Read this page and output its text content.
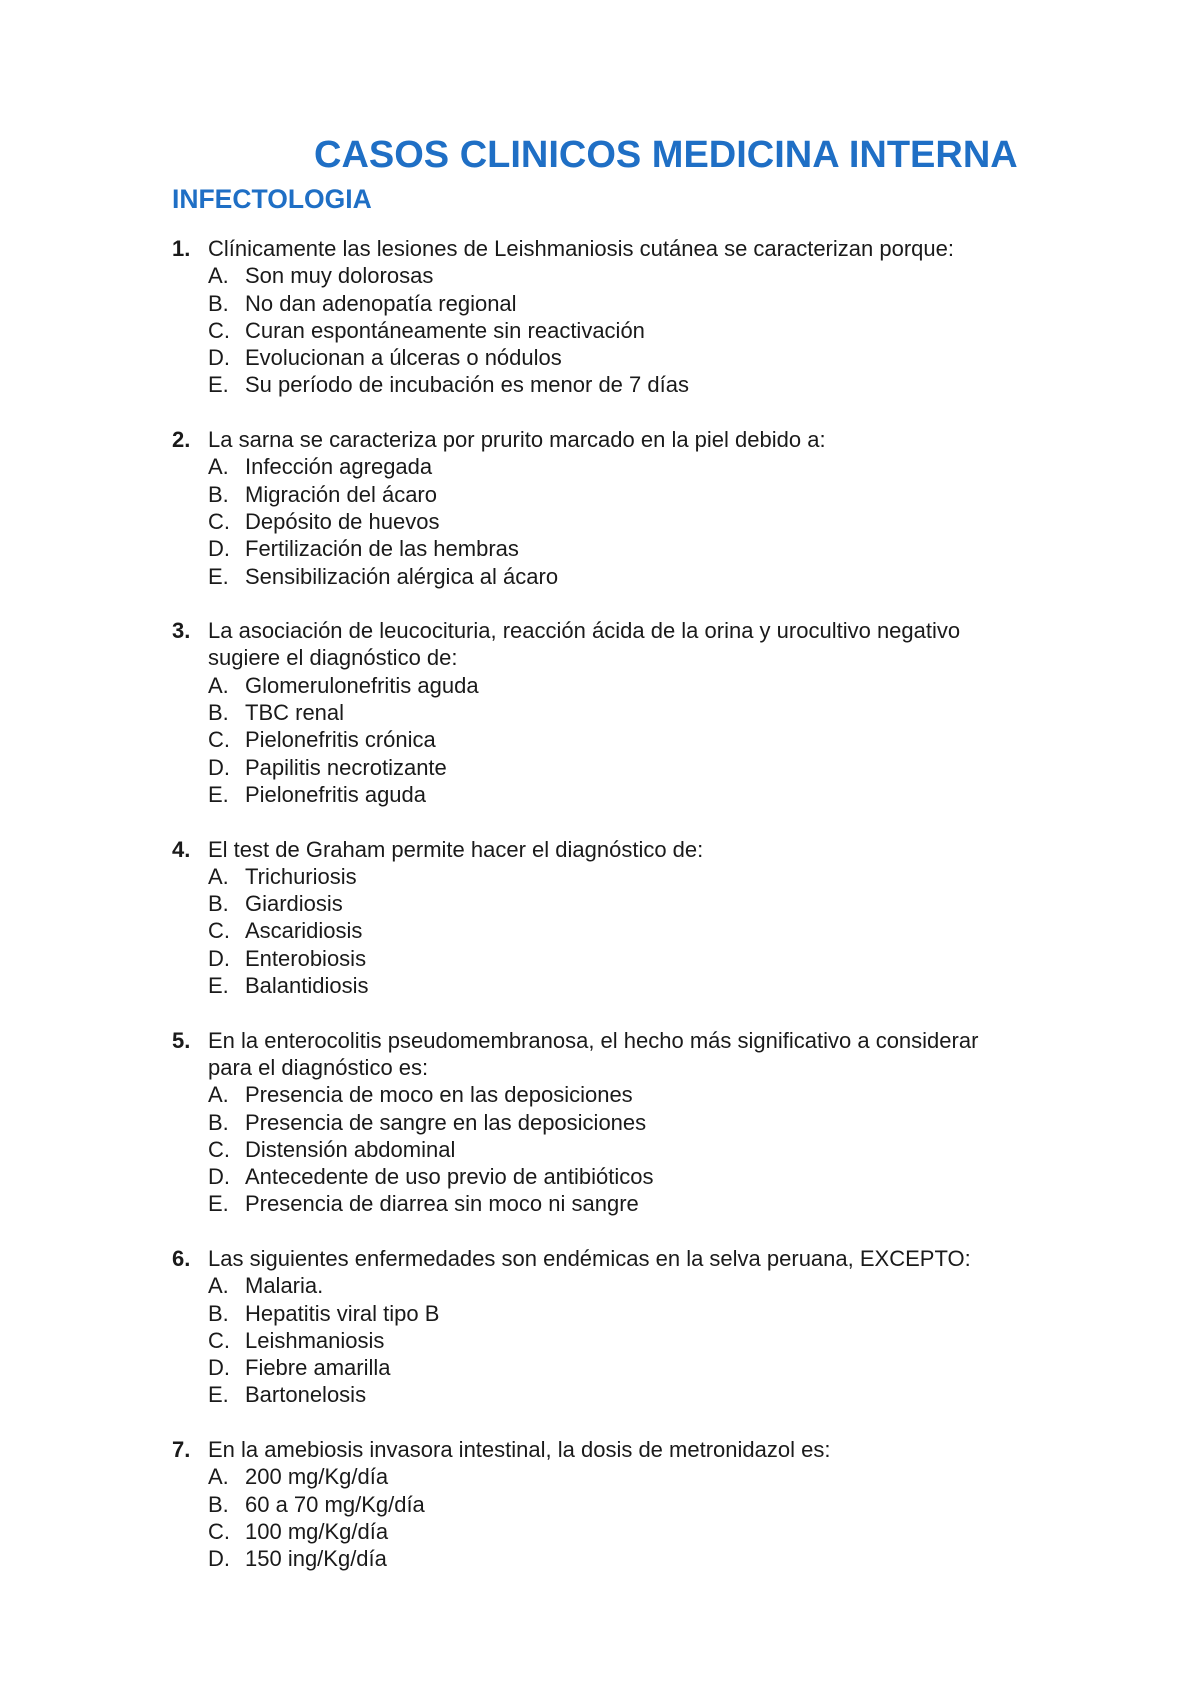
CASOS CLINICOS MEDICINA INTERNA
INFECTOLOGIA
1. Clínicamente las lesiones de Leishmaniosis cutánea se caracterizan porque:
A. Son muy dolorosas
B. No dan adenopatía regional
C. Curan espontáneamente sin reactivación
D. Evolucionan a úlceras o nódulos
E. Su período de incubación es menor de 7 días
2. La sarna se caracteriza por prurito marcado en la piel debido a:
A. Infección agregada
B. Migración del ácaro
C. Depósito de huevos
D. Fertilización de las hembras
E. Sensibilización alérgica al ácaro
3. La asociación de leucocituria, reacción ácida de la orina y urocultivo negativo
sugiere el diagnóstico de:
A. Glomerulonefritis aguda
B. TBC renal
C. Pielonefritis crónica
D. Papilitis necrotizante
E. Pielonefritis aguda
4. El test de Graham permite hacer el diagnóstico de:
A. Trichuriosis
B. Giardiosis
C. Ascaridiosis
D. Enterobiosis
E. Balantidiosis
5. En la enterocolitis pseudomembranosa, el hecho más significativo a considerar
para el diagnóstico es:
A. Presencia de moco en las deposiciones
B. Presencia de sangre en las deposiciones
C. Distensión abdominal
D. Antecedente de uso previo de antibióticos
E. Presencia de diarrea sin moco ni sangre
6. Las siguientes enfermedades son endémicas en la selva peruana, EXCEPTO:
A. Malaria.
B. Hepatitis viral tipo B
C. Leishmaniosis
D. Fiebre amarilla
E. Bartonelosis
7. En la amebiosis invasora intestinal, la dosis de metronidazol es:
A. 200 mg/Kg/día
B. 60 a 70 mg/Kg/día
C. 100 mg/Kg/día
D. 150 ing/Kg/día
